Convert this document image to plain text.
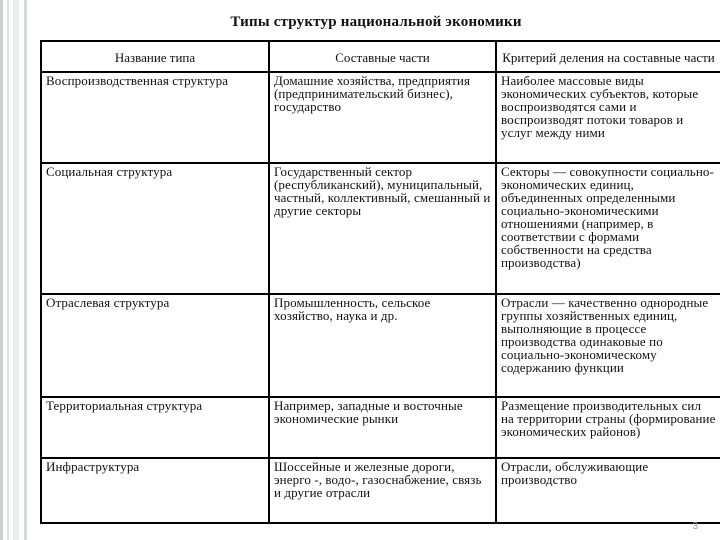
Типы структур национальной экономики
Название типа	Составные части	Критерий деления на составные части
Воспроизводственная структура	Домашние хозяйства, предприятия (предпринимательский бизнес), государство	Наиболее массовые виды экономических субъектов, которые воспроизводятся сами и воспроизводят потоки товаров и услуг между ними
Социальная структура	Государственный сектор (республиканский), муниципальный, частный, коллективный, смешанный и другие секторы	Секторы — совокупности социально-экономических единиц, объединенных определенными социально-экономическими отношениями (например, в соответствии с формами собственности на средства производства)
Отраслевая структура	Промышленность, сельское хозяйство, наука и др.	Отрасли — качественно однородные группы хозяйственных единиц, выполняющие в процессе производства одинаковые по социально-экономическому содержанию функции
Территориальная структура	Например, западные и восточные экономические рынки	Размещение производительных сил на территории страны (формирование экономических районов)
Инфраструктура	Шоссейные и железные дороги, энерго -, водо-, газоснабжение, связь и другие отрасли	Отрасли, обслуживающие производство
3
